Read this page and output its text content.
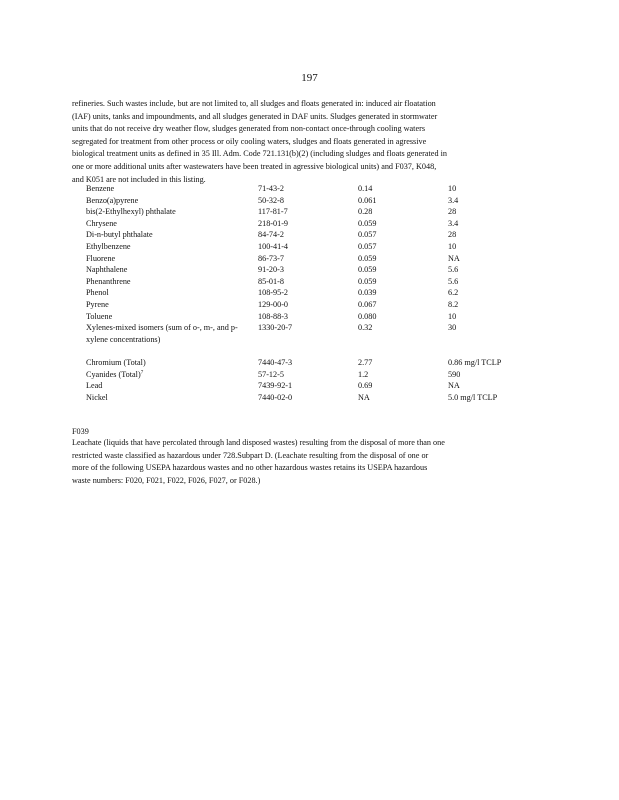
197
refineries. Such wastes include, but are not limited to, all sludges and floats generated in: induced air floatation
(IAF) units, tanks and impoundments, and all sludges generated in DAF units. Sludges generated in stormwater
units that do not receive dry weather flow, sludges generated from non-contact once-through cooling waters
segregated for treatment from other process or oily cooling waters, sludges and floats generated in agressive
biological treatment units as defined in 35 Ill. Adm. Code 721.131(b)(2) (including sludges and floats generated in
one or more additional units after wastewaters have been treated in agressive biological units) and F037, K048,
and K051 are not included in this listing.
Benzene	71-43-2	0.14	10
Benzo(a)pyrene	50-32-8	0.061	3.4
bis(2-Ethylhexyl) phthalate	117-81-7	0.28	28
Chrysene	218-01-9	0.059	3.4
Di-n-butyl phthalate	84-74-2	0.057	28
Ethylbenzene	100-41-4	0.057	10
Fluorene	86-73-7	0.059	NA
Naphthalene	91-20-3	0.059	5.6
Phenanthrene	85-01-8	0.059	5.6
Phenol	108-95-2	0.039	6.2
Pyrene	129-00-0	0.067	8.2
Toluene	108-88-3	0.080	10
Xylenes-mixed isomers (sum of o-, m-, and p-xylene concentrations)
1330-20-7	0.32	30
Chromium (Total)	7440-47-3	2.77	0.86 mg/l TCLP
Cyanides (Total)$^7$	57-12-5	1.2	590
Lead	7439-92-1	0.69	NA
Nickel	7440-02-0	NA	5.0 mg/l TCLP
F039
Leachate (liquids that have percolated through land disposed wastes) resulting from the disposal of more than one
restricted waste classified as hazardous under 728.Subpart D. (Leachate resulting from the disposal of one or
more of the following USEPA hazardous wastes and no other hazardous wastes retains its USEPA hazardous
waste numbers: F020, F021, F022, F026, F027, or F028.)
